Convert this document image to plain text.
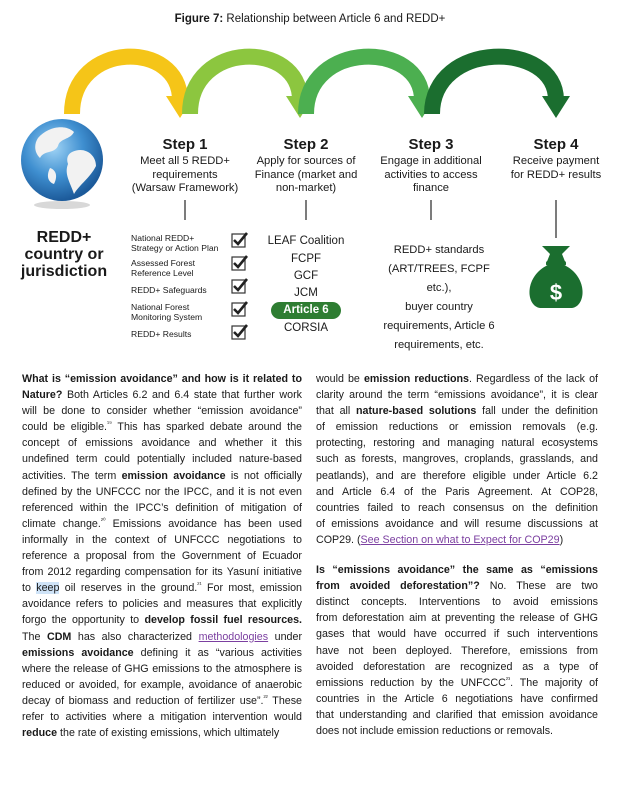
Figure 7: Relationship between Article 6 and REDD+
$
Step 1
Meet all 5 REDD+
requirements
(Warsaw Framework)
Step 2
Apply for sources of
Finance (market and
non-market)
Step 3
Engage in additional
activities to access
finance
Step 4
Receive payment
for REDD+ results
REDD+ country or jurisdiction
National REDD+
Strategy or Action Plan
Assessed Forest
Reference Level
REDD+ Safeguards
National Forest
Monitoring System
REDD+ Results
LEAF Coalition
FCPF
GCF
JCM
Article 6
CORSIA
REDD+ standards
(ART/TREES, FCPF etc.),
buyer country
requirements, Article 6
requirements, etc.

What is “emission avoidance” and how is it related to

Nature? Both Articles 6.2 and 6.4 state that further work

will be done to consider whether “emission avoidance”

could be eligible.$^{^{19}}$ This has sparked debate around the

concept of emissions avoidance and whether it this

undefined term could potentially included nature-based

activities. The term emission avoidance is not officially

defined by the UNFCCC nor the IPCC, and it is not even

referenced within the IPCC’s definition of mitigation of

climate change.$^{^{20}}$ Emissions avoidance has been used

informally in the context of UNFCCC negotiations to

reference a proposal from the Government of Ecuador

from 2012 regarding compensation for its Yasuní initiative

to keep oil reserves in the ground.$^{^{21}}$ For most, emission

avoidance refers to policies and measures that explicitly

forgo the opportunity to develop fossil fuel resources.

The CDM has also characterized methodologies under

emissions avoidance defining it as “various activities

where the release of GHG emissions to the atmosphere is

reduced or avoided, for example, avoidance of anaerobic

decay of biomass and reduction of fertilizer use”.$^{^{22}}$ These

refer to activities where a mitigation intervention would

reduce the rate of existing emissions, which ultimately

would be emission reductions. Regardless of the lack of

clarity around the term “emissions avoidance”, it is clear

that all nature-based solutions fall under the definition

of emission reductions or emission removals (e.g.

protecting, restoring and managing natural ecosystems

such as forests, mangroves, croplands, grasslands, and

peatlands), and are therefore eligible under Article 6.2

and Article 6.4 of the Paris Agreement. At COP28,

countries failed to reach consensus on the definition

of emissions avoidance and will resume discussions at

COP29. (See Section on what to Expect for COP29)

Is “emissions avoidance” the same as “emissions

from avoided deforestation”? No. These are two

distinct concepts. Interventions to avoid emissions

from deforestation aim at preventing the release of GHG

gases that would have occurred if such interventions

have not been deployed. Therefore, emissions from

avoided deforestation are recognized as a type of

emissions reduction by the $UNFCCC^{^{23}}$. The majority of

countries in the Article 6 negotiations have confirmed

that understanding and clarified that emission avoidance

does not include emission reductions or removals.
